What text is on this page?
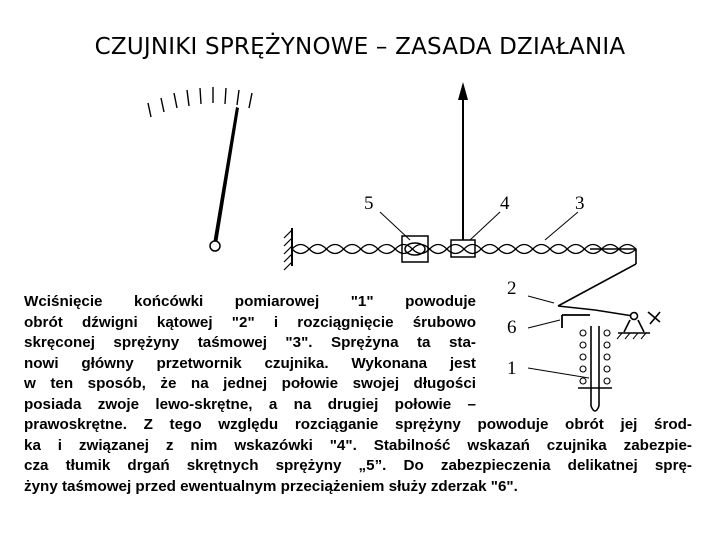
CZUJNIKI SPRĘŻYNOWE – ZASADA DZIAŁANIA
5	4	3
2
6
1
Wciśnięcie końcówki pomiarowej "1" powoduje
obrót dźwigni kątowej "2" i rozciągnięcie śrubowo
skręconej sprężyny taśmowej "3". Sprężyna ta sta-
nowi główny przetwornik czujnika. Wykonana jest
w ten sposób, że na jednej połowie swojej długości
posiada zwoje lewo-skrętne, a na drugiej połowie –
prawoskrętne. Z tego względu rozciąganie sprężyny powoduje obrót jej środ-
ka i związanej z nim wskazówki "4". Stabilność wskazań czujnika zabezpie-
cza tłumik drgań skrętnych sprężyny „5”. Do zabezpieczenia delikatnej sprę-
żyny taśmowej przed ewentualnym przeciążeniem służy zderzak "6".
